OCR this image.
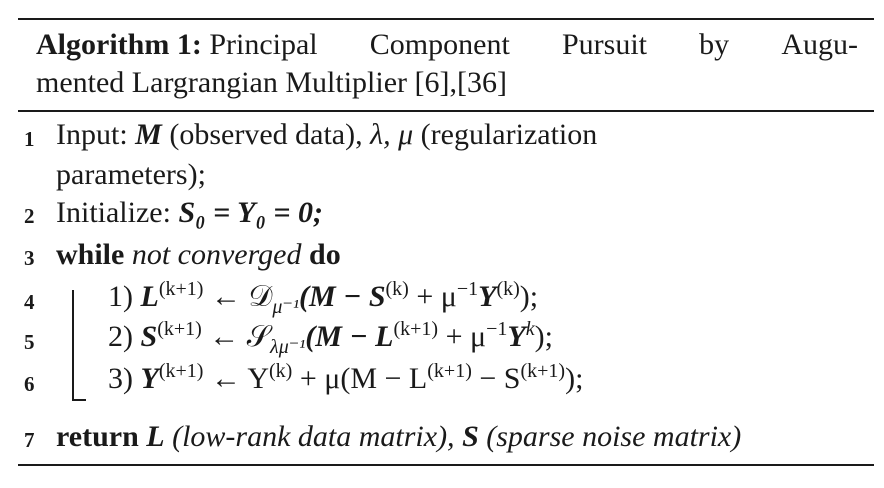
Algorithm 1: Principal Component Pursuit by Augu-
mented Largrangian Multiplier [6],[36]
1 Input: M (observed data), λ, μ (regularization
parameters);
2 Initialize: S₀ = Y₀ = 0;
3 while not converged do
4 1) $L^{(k+1)}$ ← 𝒟$_{\mu^{-1}}$(M − $S^{(k)} + \mu^{-1}Y^{(k)}$);
5 2) $S^{(k+1)}$ ← 𝒮$_{\lambda\mu^{-1}}$(M − $L^{(k+1)} + \mu^{-1}Y^k$);
6 3) $Y^{(k+1)}$ ← $Y^{(k)} + \mu(M - L^{(k+1)} - S^{(k+1)})$;
7 return L (low-rank data matrix), S (sparse noise matrix)
